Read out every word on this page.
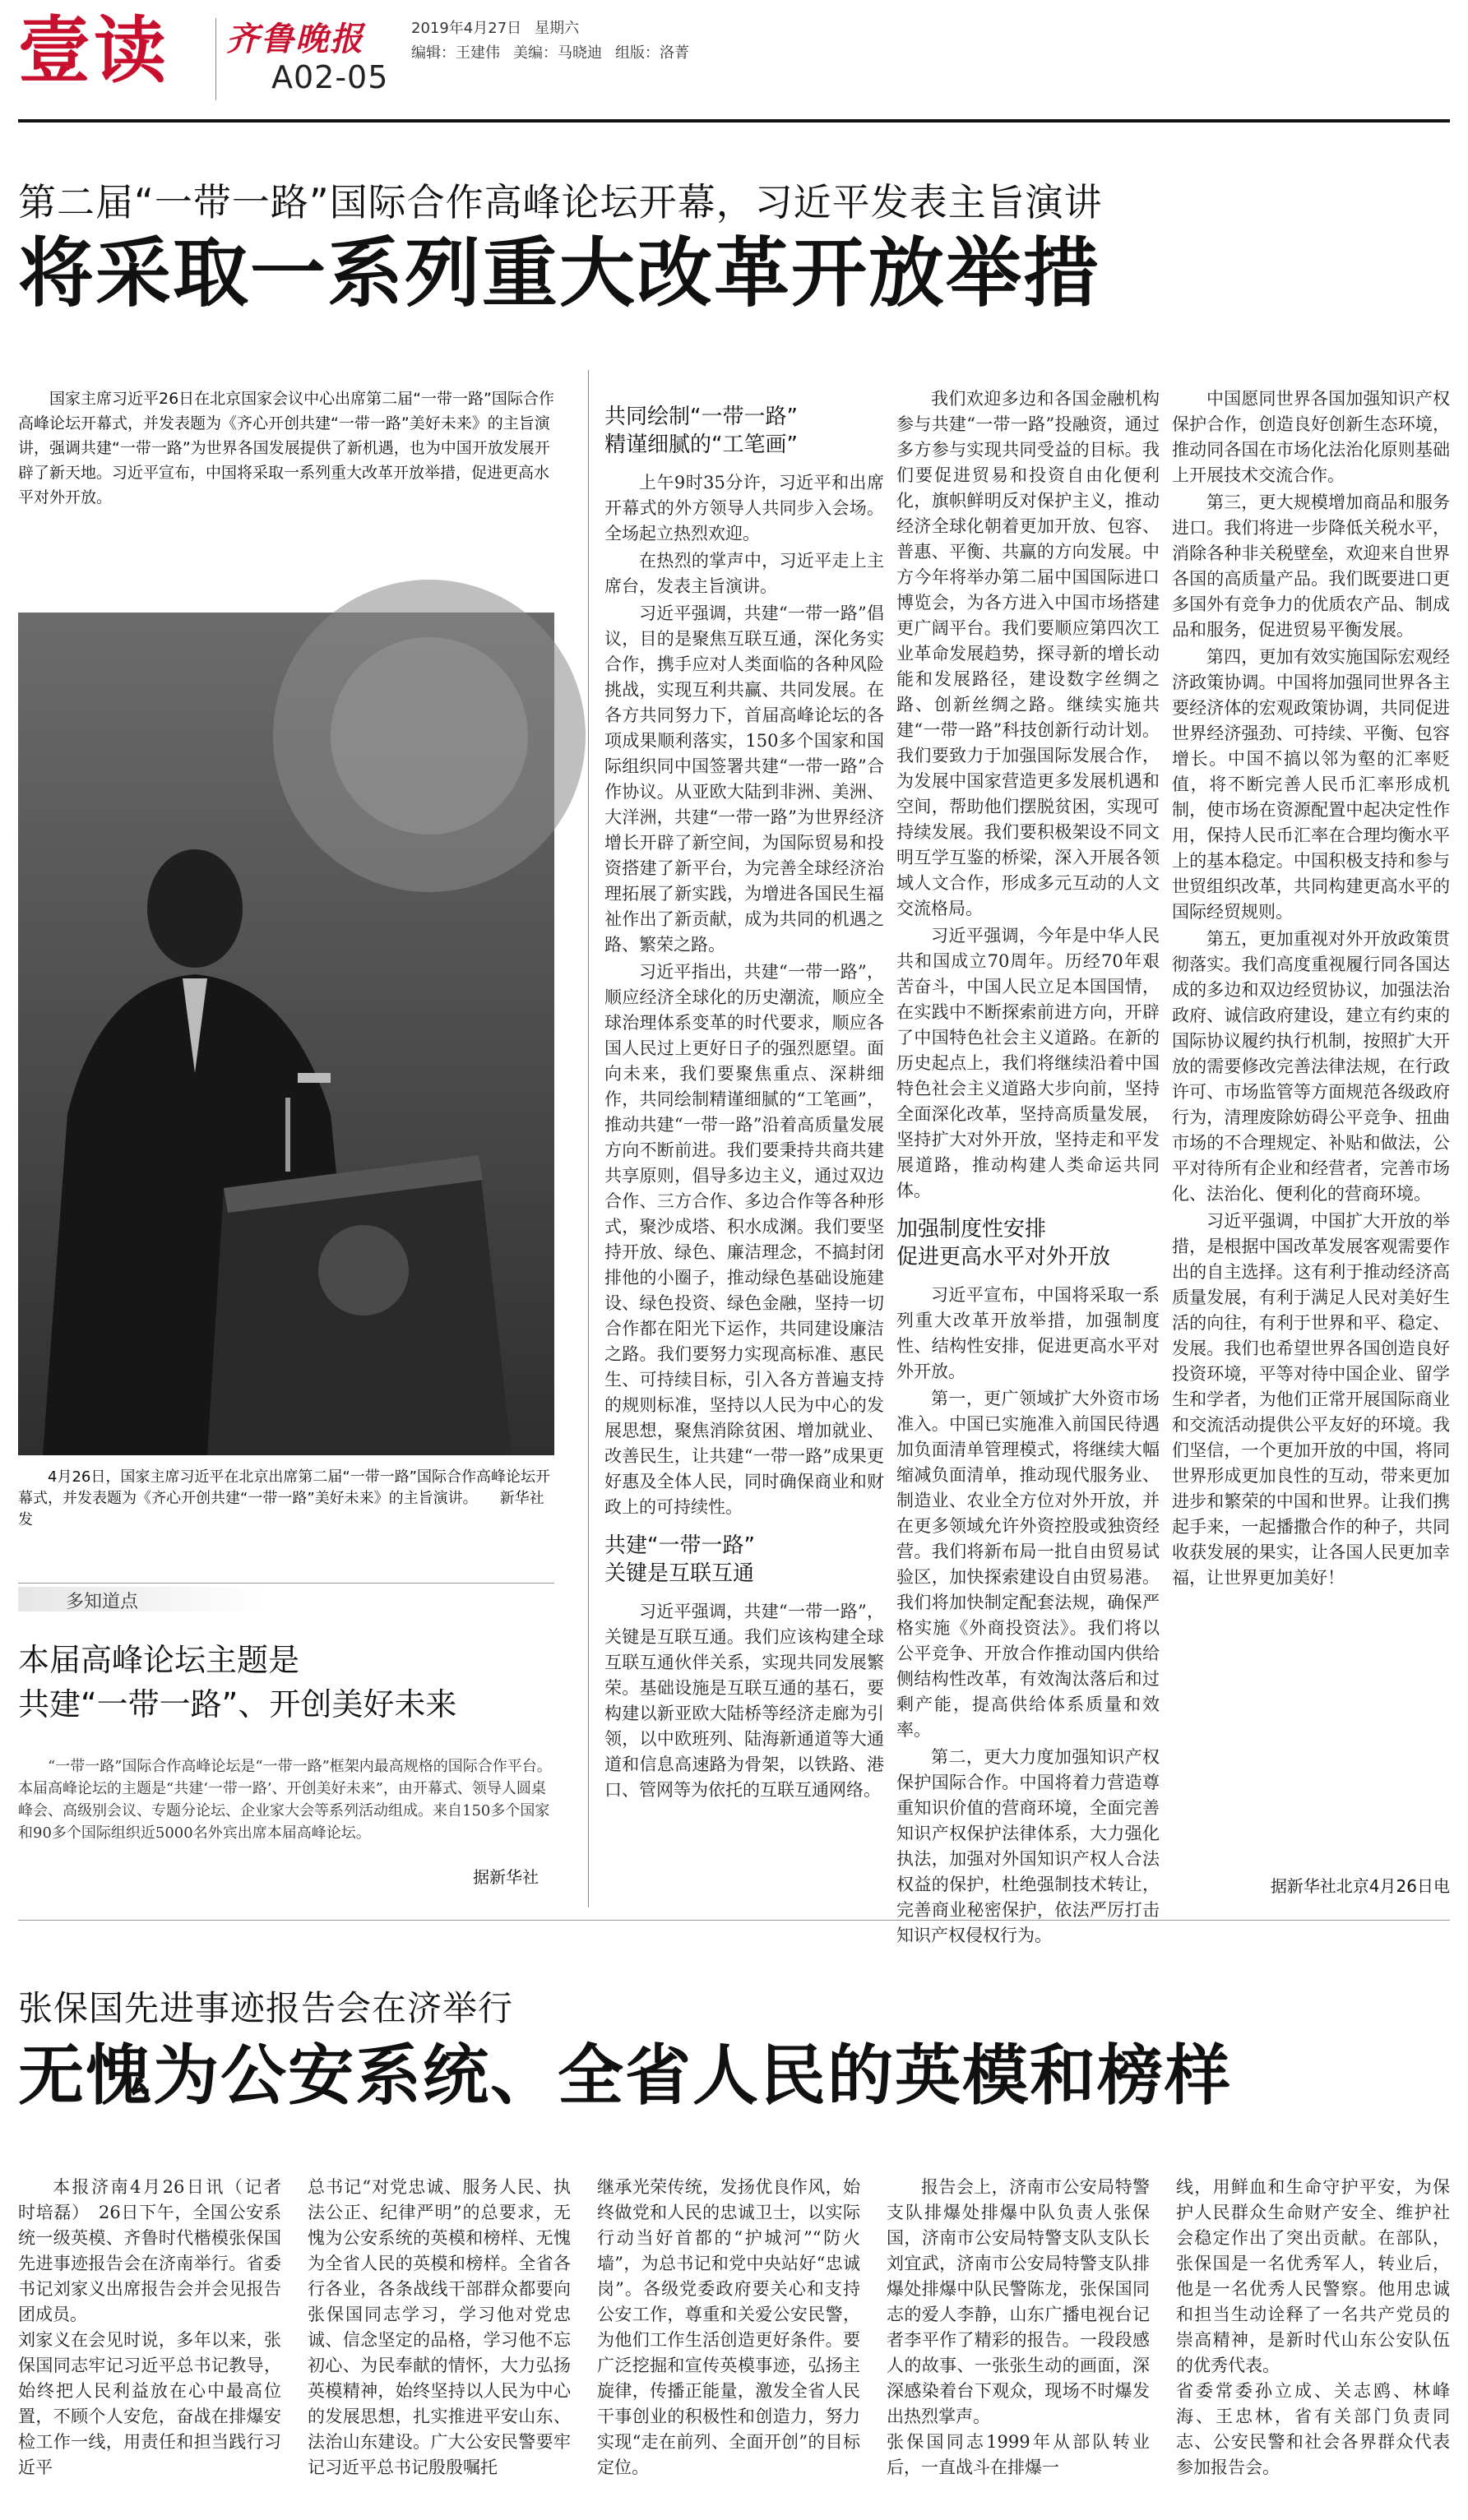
壹读 齐鲁晚报
A02-05
2019年4月27日 星期六
编辑：王建伟 美编：马晓迪 组版：洛菁
第二届“一带一路”国际合作高峰论坛开幕，习近平发表主旨演讲
将采取一系列重大改革开放举措

国家主席习近平26日在北京国家会议中心出席第二届“一带一路”国际合作高峰论坛开幕式，并发表题为《齐心开创共建“一带一路”美好未来》的主旨演讲，强调共建“一带一路”为世界各国发展提供了新机遇，也为中国开放发展开辟了新天地。习近平宣布，中国将采取一系列重大改革开放举措，促进更高水平对外开放。

4月26日，国家主席习近平在北京出席第二届“一带一路”国际合作高峰论坛开幕式，并发表题为《齐心开创共建“一带一路”美好未来》的主旨演讲。　　新华社发
多知道点
本届高峰论坛主题是
共建“一带一路”、开创美好未来

“一带一路”国际合作高峰论坛是“一带一路”框架内最高规格的国际合作平台。本届高峰论坛的主题是“共建‘一带一路’、开创美好未来”，由开幕式、领导人圆桌峰会、高级别会议、专题分论坛、企业家大会等系列活动组成。来自150多个国家和90多个国际组织近5000名外宾出席本届高峰论坛。

据新华社
共同绘制“一带一路”
精谨细腻的“工笔画”

上午9时35分许，习近平和出席开幕式的外方领导人共同步入会场。全场起立热烈欢迎。

在热烈的掌声中，习近平走上主席台，发表主旨演讲。

习近平强调，共建“一带一路”倡议，目的是聚焦互联互通，深化务实合作，携手应对人类面临的各种风险挑战，实现互利共赢、共同发展。在各方共同努力下，首届高峰论坛的各项成果顺利落实，150多个国家和国际组织同中国签署共建“一带一路”合作协议。从亚欧大陆到非洲、美洲、大洋洲，共建“一带一路”为世界经济增长开辟了新空间，为国际贸易和投资搭建了新平台，为完善全球经济治理拓展了新实践，为增进各国民生福祉作出了新贡献，成为共同的机遇之路、繁荣之路。

习近平指出，共建“一带一路”，顺应经济全球化的历史潮流，顺应全球治理体系变革的时代要求，顺应各国人民过上更好日子的强烈愿望。面向未来，我们要聚焦重点、深耕细作，共同绘制精谨细腻的“工笔画”，推动共建“一带一路”沿着高质量发展方向不断前进。我们要秉持共商共建共享原则，倡导多边主义，通过双边合作、三方合作、多边合作等各种形式，聚沙成塔、积水成渊。我们要坚持开放、绿色、廉洁理念，不搞封闭排他的小圈子，推动绿色基础设施建设、绿色投资、绿色金融，坚持一切合作都在阳光下运作，共同建设廉洁之路。我们要努力实现高标准、惠民生、可持续目标，引入各方普遍支持的规则标准，坚持以人民为中心的发展思想，聚焦消除贫困、增加就业、改善民生，让共建“一带一路”成果更好惠及全体人民，同时确保商业和财政上的可持续性。

共建“一带一路”
关键是互联互通

习近平强调，共建“一带一路”，关键是互联互通。我们应该构建全球互联互通伙伴关系，实现共同发展繁荣。基础设施是互联互通的基石，要构建以新亚欧大陆桥等经济走廊为引领，以中欧班列、陆海新通道等大通道和信息高速路为骨架，以铁路、港口、管网等为依托的互联互通网络。

我们欢迎多边和各国金融机构参与共建“一带一路”投融资，通过多方参与实现共同受益的目标。我们要促进贸易和投资自由化便利化，旗帜鲜明反对保护主义，推动经济全球化朝着更加开放、包容、普惠、平衡、共赢的方向发展。中方今年将举办第二届中国国际进口博览会，为各方进入中国市场搭建更广阔平台。我们要顺应第四次工业革命发展趋势，探寻新的增长动能和发展路径，建设数字丝绸之路、创新丝绸之路。继续实施共建“一带一路”科技创新行动计划。我们要致力于加强国际发展合作，为发展中国家营造更多发展机遇和空间，帮助他们摆脱贫困，实现可持续发展。我们要积极架设不同文明互学互鉴的桥梁，深入开展各领域人文合作，形成多元互动的人文交流格局。

习近平强调，今年是中华人民共和国成立70周年。历经70年艰苦奋斗，中国人民立足本国国情，在实践中不断探索前进方向，开辟了中国特色社会主义道路。在新的历史起点上，我们将继续沿着中国特色社会主义道路大步向前，坚持全面深化改革，坚持高质量发展，坚持扩大对外开放，坚持走和平发展道路，推动构建人类命运共同体。

加强制度性安排
促进更高水平对外开放

习近平宣布，中国将采取一系列重大改革开放举措，加强制度性、结构性安排，促进更高水平对外开放。

第一，更广领域扩大外资市场准入。中国已实施准入前国民待遇加负面清单管理模式，将继续大幅缩减负面清单，推动现代服务业、制造业、农业全方位对外开放，并在更多领域允许外资控股或独资经营。我们将新布局一批自由贸易试验区，加快探索建设自由贸易港。我们将加快制定配套法规，确保严格实施《外商投资法》。我们将以公平竞争、开放合作推动国内供给侧结构性改革，有效淘汰落后和过剩产能，提高供给体系质量和效率。

第二，更大力度加强知识产权保护国际合作。中国将着力营造尊重知识价值的营商环境，全面完善知识产权保护法律体系，大力强化执法，加强对外国知识产权人合法权益的保护，杜绝强制技术转让，完善商业秘密保护，依法严厉打击知识产权侵权行为。

中国愿同世界各国加强知识产权保护合作，创造良好创新生态环境，推动同各国在市场化法治化原则基础上开展技术交流合作。

第三，更大规模增加商品和服务进口。我们将进一步降低关税水平，消除各种非关税壁垒，欢迎来自世界各国的高质量产品。我们既要进口更多国外有竞争力的优质农产品、制成品和服务，促进贸易平衡发展。

第四，更加有效实施国际宏观经济政策协调。中国将加强同世界各主要经济体的宏观政策协调，共同促进世界经济强劲、可持续、平衡、包容增长。中国不搞以邻为壑的汇率贬值，将不断完善人民币汇率形成机制，使市场在资源配置中起决定性作用，保持人民币汇率在合理均衡水平上的基本稳定。中国积极支持和参与世贸组织改革，共同构建更高水平的国际经贸规则。

第五，更加重视对外开放政策贯彻落实。我们高度重视履行同各国达成的多边和双边经贸协议，加强法治政府、诚信政府建设，建立有约束的国际协议履约执行机制，按照扩大开放的需要修改完善法律法规，在行政许可、市场监管等方面规范各级政府行为，清理废除妨碍公平竞争、扭曲市场的不合理规定、补贴和做法，公平对待所有企业和经营者，完善市场化、法治化、便利化的营商环境。

习近平强调，中国扩大开放的举措，是根据中国改革发展客观需要作出的自主选择。这有利于推动经济高质量发展，有利于满足人民对美好生活的向往，有利于世界和平、稳定、发展。我们也希望世界各国创造良好投资环境，平等对待中国企业、留学生和学者，为他们正常开展国际商业和交流活动提供公平友好的环境。我们坚信，一个更加开放的中国，将同世界形成更加良性的互动，带来更加进步和繁荣的中国和世界。让我们携起手来，一起播撒合作的种子，共同收获发展的果实，让各国人民更加幸福，让世界更加美好！

据新华社北京4月26日电
张保国先进事迹报告会在济举行
无愧为公安系统、全省人民的英模和榜样

本报济南4月26日讯（记者　时培磊）　26日下午，全国公安系统一级英模、齐鲁时代楷模张保国先进事迹报告会在济南举行。省委书记刘家义出席报告会并会见报告团成员。
刘家义在会见时说，多年以来，张保国同志牢记习近平总书记教导，始终把人民利益放在心中最高位置，不顾个人安危，奋战在排爆安检工作一线，用责任和担当践行习近平

总书记“对党忠诚、服务人民、执法公正、纪律严明”的总要求，无愧为公安系统的英模和榜样、无愧为全省人民的英模和榜样。全省各行各业，各条战线干部群众都要向张保国同志学习，学习他对党忠诚、信念坚定的品格，学习他不忘初心、为民奉献的情怀，大力弘扬英模精神，始终坚持以人民为中心的发展思想，扎实推进平安山东、法治山东建设。广大公安民警要牢记习近平总书记殷殷嘱托

继承光荣传统，发扬优良作风，始终做党和人民的忠诚卫士，以实际行动当好首都的“护城河”“防火墙”，为总书记和党中央站好“忠诚岗”。各级党委政府要关心和支持公安工作，尊重和关爱公安民警，为他们工作生活创造更好条件。要广泛挖掘和宣传英模事迹，弘扬主旋律，传播正能量，激发全省人民干事创业的积极性和创造力，努力实现“走在前列、全面开创”的目标定位。

报告会上，济南市公安局特警支队排爆处排爆中队负责人张保国，济南市公安局特警支队支队长刘宜武，济南市公安局特警支队排爆处排爆中队民警陈龙，张保国同志的爱人李静，山东广播电视台记者李平作了精彩的报告。一段段感人的故事、一张张生动的画面，深深感染着台下观众，现场不时爆发出热烈掌声。
张保国同志1999年从部队转业后，一直战斗在排爆一

线，用鲜血和生命守护平安，为保护人民群众生命财产安全、维护社会稳定作出了突出贡献。在部队，张保国是一名优秀军人，转业后，他是一名优秀人民警察。他用忠诚和担当生动诠释了一名共产党员的崇高精神，是新时代山东公安队伍的优秀代表。
省委常委孙立成、关志鸥、林峰海、王忠林，省有关部门负责同志、公安民警和社会各界群众代表参加报告会。
